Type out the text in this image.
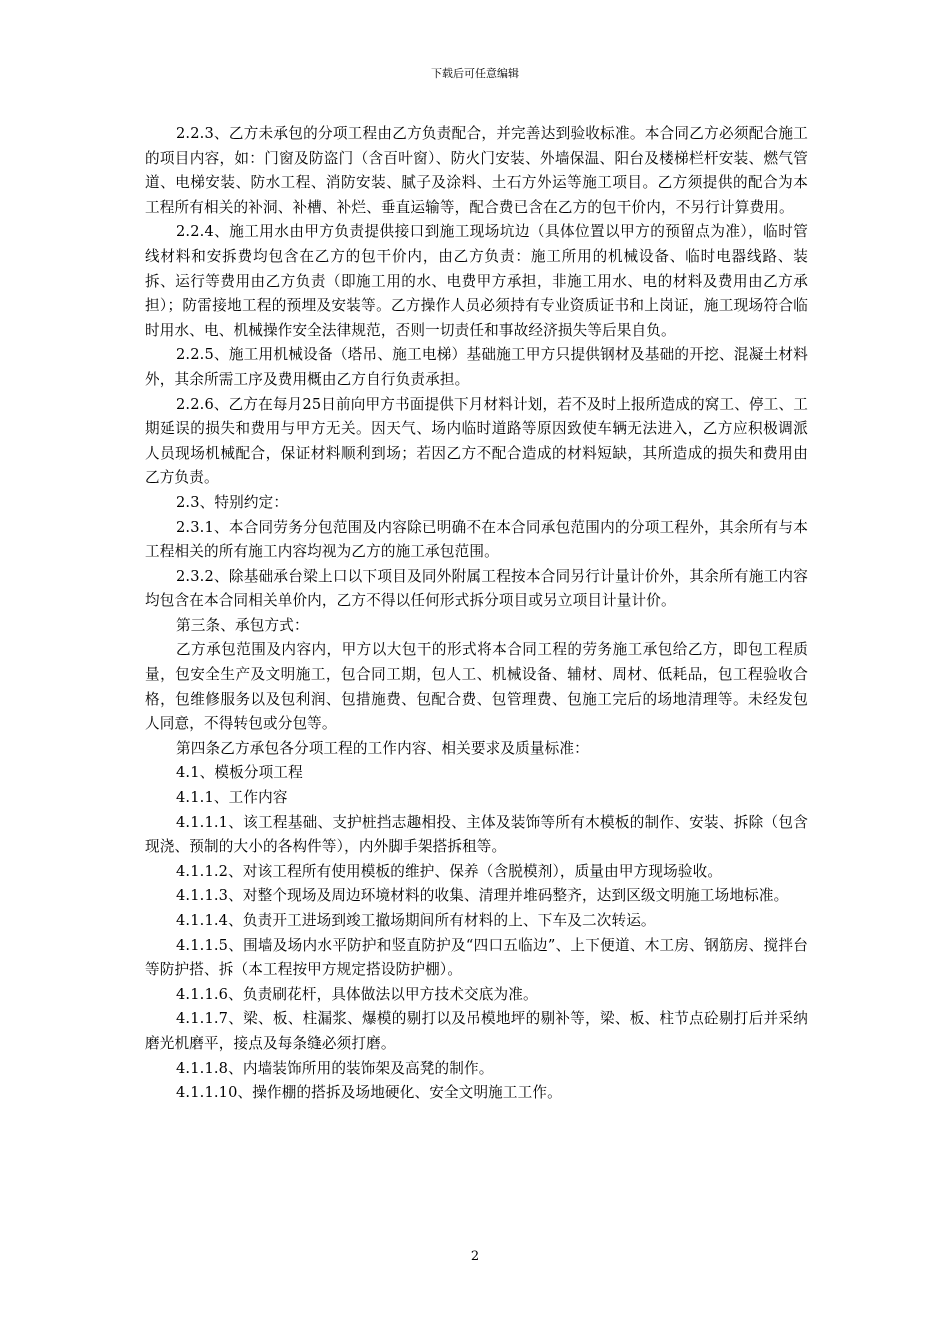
下载后可任意编辑

2.2.3、乙方未承包的分项工程由乙方负责配合，并完善达到验收标准。本合同乙方必须配合施工的项目内容，如：门窗及防盗门（含百叶窗）、防火门安装、外墙保温、阳台及楼梯栏杆安装、燃气管道、电梯安装、防水工程、消防安装、腻子及涂料、土石方外运等施工项目。乙方须提供的配合为本工程所有相关的补洞、补槽、补烂、垂直运输等，配合费已含在乙方的包干价内，不另行计算费用。

2.2.4、施工用水由甲方负责提供接口到施工现场坑边（具体位置以甲方的预留点为准），临时管线材料和安拆费均包含在乙方的包干价内，由乙方负责：施工所用的机械设备、临时电器线路、装拆、运行等费用由乙方负责（即施工用的水、电费甲方承担，非施工用水、电的材料及费用由乙方承担）；防雷接地工程的预埋及安装等。乙方操作人员必须持有专业资质证书和上岗证，施工现场符合临时用水、电、机械操作安全法律规范，否则一切责任和事故经济损失等后果自负。

2.2.5、施工用机械设备（塔吊、施工电梯）基础施工甲方只提供钢材及基础的开挖、混凝土材料外，其余所需工序及费用概由乙方自行负责承担。

2.2.6、乙方在每月25日前向甲方书面提供下月材料计划，若不及时上报所造成的窝工、停工、工期延误的损失和费用与甲方无关。因天气、场内临时道路等原因致使车辆无法进入，乙方应积极调派人员现场机械配合，保证材料顺利到场；若因乙方不配合造成的材料短缺，其所造成的损失和费用由乙方负责。

2.3、特别约定：

2.3.1、本合同劳务分包范围及内容除已明确不在本合同承包范围内的分项工程外，其余所有与本工程相关的所有施工内容均视为乙方的施工承包范围。

2.3.2、除基础承台梁上口以下项目及同外附属工程按本合同另行计量计价外，其余所有施工内容均包含在本合同相关单价内，乙方不得以任何形式拆分项目或另立项目计量计价。

第三条、承包方式：

乙方承包范围及内容内，甲方以大包干的形式将本合同工程的劳务施工承包给乙方，即包工程质量，包安全生产及文明施工，包合同工期，包人工、机械设备、辅材、周材、低耗品，包工程验收合格，包维修服务以及包利润、包措施费、包配合费、包管理费、包施工完后的场地清理等。未经发包人同意，不得转包或分包等。

第四条乙方承包各分项工程的工作内容、相关要求及质量标准：

4.1、模板分项工程

4.1.1、工作内容

4.1.1.1、该工程基础、支护桩挡志趣相投、主体及装饰等所有木模板的制作、安装、拆除（包含现浇、预制的大小的各构件等），内外脚手架搭拆租等。

4.1.1.2、对该工程所有使用模板的维护、保养（含脱模剂），质量由甲方现场验收。

4.1.1.3、对整个现场及周边环境材料的收集、清理并堆码整齐，达到区级文明施工场地标准。

4.1.1.4、负责开工进场到竣工撤场期间所有材料的上、下车及二次转运。

4.1.1.5、围墙及场内水平防护和竖直防护及“四口五临边”、上下便道、木工房、钢筋房、搅拌台等防护搭、拆（本工程按甲方规定搭设防护棚）。

4.1.1.6、负责刷花杆，具体做法以甲方技术交底为准。

4.1.1.7、梁、板、柱漏浆、爆模的剔打以及吊模地坪的剔补等，梁、板、柱节点砼剔打后并采纳磨光机磨平，接点及每条缝必须打磨。

4.1.1.8、内墙装饰所用的装饰架及高凳的制作。

4.1.1.10、操作棚的搭拆及场地硬化、安全文明施工工作。

2
